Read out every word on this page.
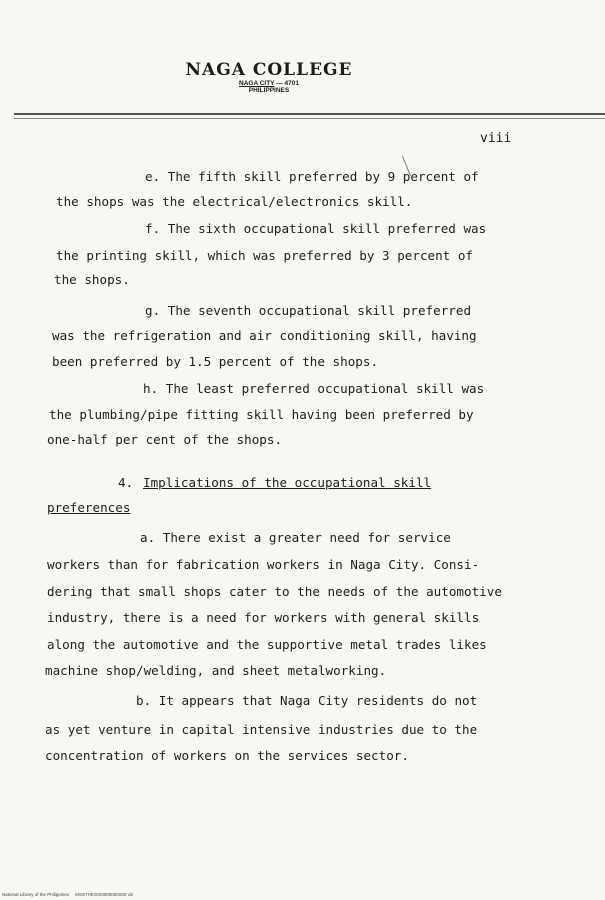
NAGA COLLEGE
NAGA CITY — 4701
PHILIPPINES
viii
e. The fifth skill preferred by 9 percent of
the shops was the electrical/electronics skill.
f. The sixth occupational skill preferred was
the printing skill, which was preferred by 3 percent of
the shops.
g. The seventh occupational skill preferred
was the refrigeration and air conditioning skill, having
been preferred by 1.5 percent of the shops.
h. The least preferred occupational skill was
the plumbing/pipe fitting skill having been preferred by
one-half per cent of the shops.
4. Implications of the occupational skill
preferences
a. There exist a greater need for service
workers than for fabrication workers in Naga City. Consi-
dering that small shops cater to the needs of the automotive
industry, there is a need for workers with general skills
along the automotive and the supportive metal trades likes
machine shop/welding, and sheet metalworking.
b. It appears that Naga City residents do not
as yet venture in capital intensive industries due to the
concentration of workers on the services sector.
National Library of the Philippines     MSSTHESIS0000000000 viii
